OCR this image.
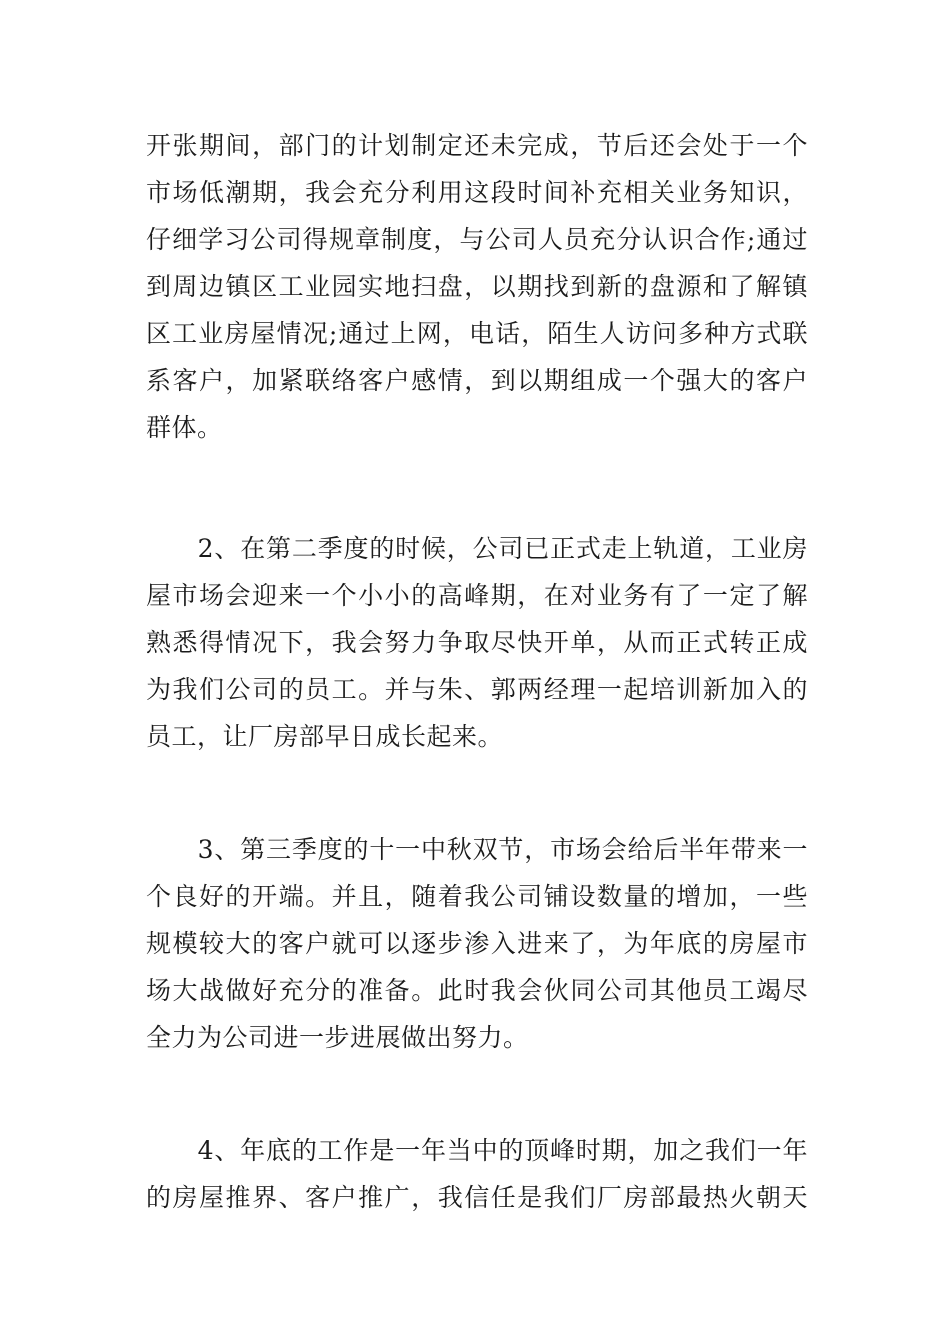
开张期间，部门的计划制定还未完成，节后还会处于一个
市场低潮期，我会充分利用这段时间补充相关业务知识，
仔细学习公司得规章制度，与公司人员充分认识合作;通过
到周边镇区工业园实地扫盘，以期找到新的盘源和了解镇
区工业房屋情况;通过上网，电话，陌生人访问多种方式联
系客户，加紧联络客户感情，到以期组成一个强大的客户
群体。
　　2、在第二季度的时候，公司已正式走上轨道，工业房
屋市场会迎来一个小小的高峰期，在对业务有了一定了解
熟悉得情况下，我会努力争取尽快开单，从而正式转正成
为我们公司的员工。并与朱、郭两经理一起培训新加入的
员工，让厂房部早日成长起来。
　　3、第三季度的十一中秋双节，市场会给后半年带来一
个良好的开端。并且，随着我公司铺设数量的增加，一些
规模较大的客户就可以逐步渗入进来了，为年底的房屋市
场大战做好充分的准备。此时我会伙同公司其他员工竭尽
全力为公司进一步进展做出努力。
　　4、年底的工作是一年当中的顶峰时期，加之我们一年
的房屋推界、客户推广，我信任是我们厂房部最热火朝天
